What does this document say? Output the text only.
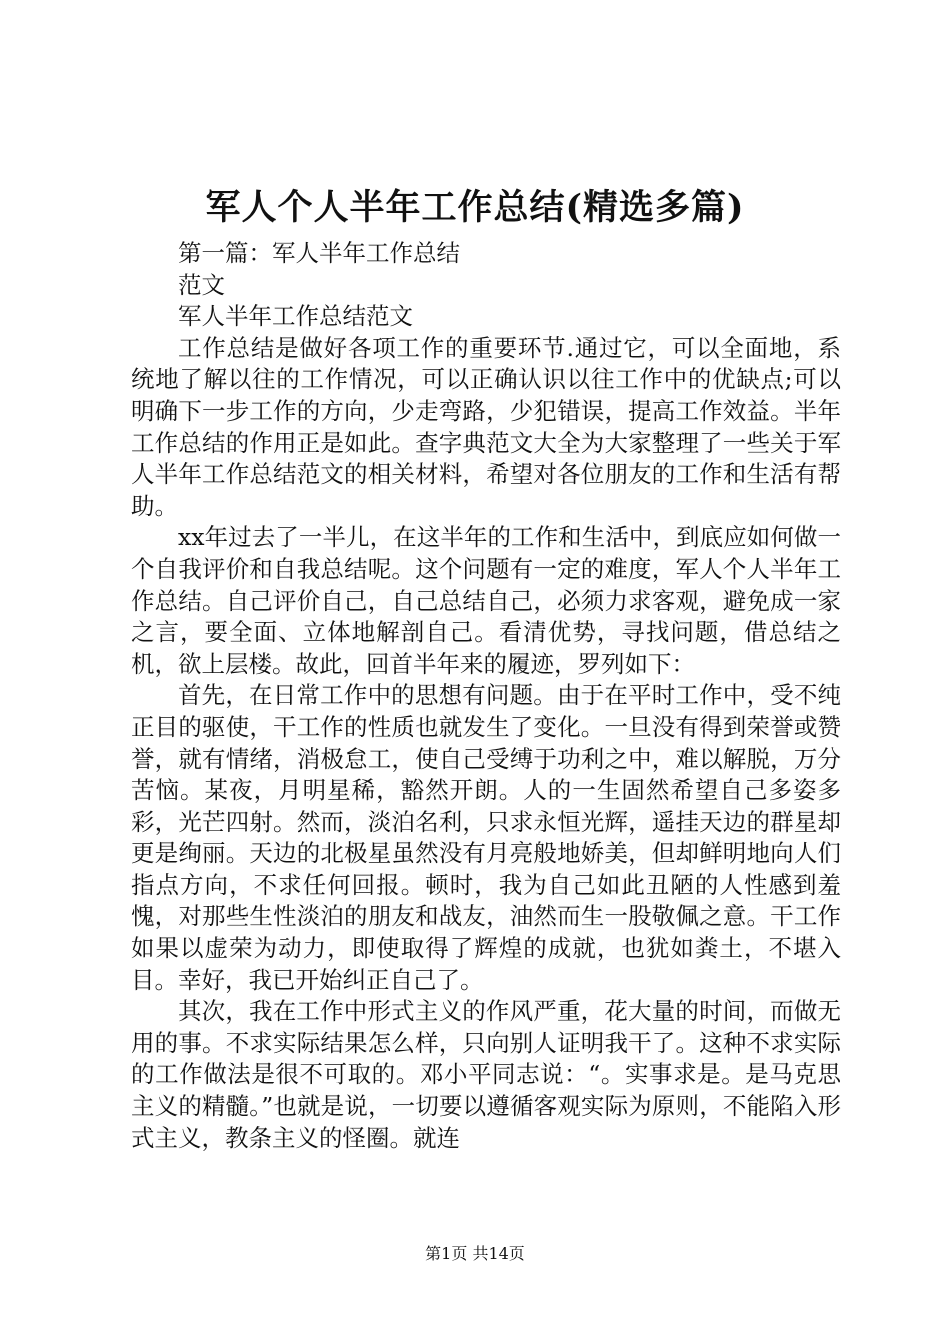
军人个人半年工作总结(精选多篇)

第一篇：军人半年工作总结

范文

军人半年工作总结范文

工作总结是做好各项工作的重要环节.通过它，可以全面地，系统地了解以往的工作情况，可以正确认识以往工作中的优缺点;可以明确下一步工作的方向，少走弯路，少犯错误，提高工作效益。半年工作总结的作用正是如此。查字典范文大全为大家整理了一些关于军人半年工作总结范文的相关材料，希望对各位朋友的工作和生活有帮助。

xx年过去了一半儿，在这半年的工作和生活中，到底应如何做一个自我评价和自我总结呢。这个问题有一定的难度，军人个人半年工作总结。自己评价自己，自己总结自己，必须力求客观，避免成一家之言，要全面、立体地解剖自己。看清优势，寻找问题，借总结之机，欲上层楼。故此，回首半年来的履迹，罗列如下：

首先，在日常工作中的思想有问题。由于在平时工作中，受不纯正目的驱使，干工作的性质也就发生了变化。一旦没有得到荣誉或赞誉，就有情绪，消极怠工，使自己受缚于功利之中，难以解脱，万分苦恼。某夜，月明星稀，豁然开朗。人的一生固然希望自己多姿多彩，光芒四射。然而，淡泊名利，只求永恒光辉，遥挂天边的群星却更是绚丽。天边的北极星虽然没有月亮般地娇美，但却鲜明地向人们指点方向，不求任何回报。顿时，我为自己如此丑陋的人性感到羞愧，对那些生性淡泊的朋友和战友，油然而生一股敬佩之意。干工作如果以虚荣为动力，即使取得了辉煌的成就，也犹如粪土，不堪入目。幸好，我已开始纠正自己了。

其次，我在工作中形式主义的作风严重，花大量的时间，而做无用的事。不求实际结果怎么样，只向别人证明我干了。这种不求实际的工作做法是很不可取的。邓小平同志说：“。实事求是。是马克思主义的精髓。”也就是说，一切要以遵循客观实际为原则，不能陷入形式主义，教条主义的怪圈。就连

第1页 共14页
